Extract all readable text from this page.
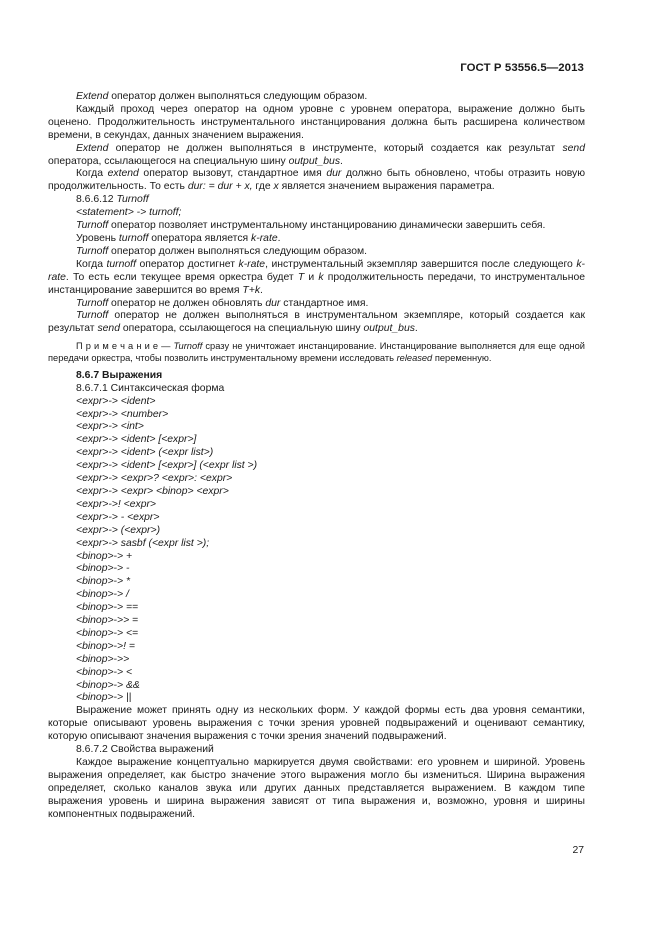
ГОСТ Р 53556.5—2013

Extend оператор должен выполняться следующим образом.

Каждый проход через оператор на одном уровне с уровнем оператора, выражение должно быть оценено. Продолжительность инструментального инстанцирования должна быть расширена количеством времени, в секундах, данных значением выражения.

Extend оператор не должен выполняться в инструменте, который создается как результат send оператора, ссылающегося на специальную шину output_bus.

Когда extend оператор вызовут, стандартное имя dur должно быть обновлено, чтобы отразить новую продолжительность. То есть dur: = dur + x, где x является значением выражения параметра.

8.6.6.12 Turnoff

<statement> -> turnoff;

Turnoff оператор позволяет инструментальному инстанцированию динамически завершить себя.

Уровень turnoff оператора является k-rate.

Turnoff оператор должен выполняться следующим образом.

Когда turnoff оператор достигнет k-rate, инструментальный экземпляр завершится после следующего k-rate. То есть если текущее время оркестра будет T и k продолжительность передачи, то инструментальное инстанцирование завершится во время T+k.

Turnoff оператор не должен обновлять dur стандартное имя.

Turnoff оператор не должен выполняться в инструментальном экземпляре, который создается как результат send оператора, ссылающегося на специальную шину output_bus.

П р и м е ч а н и е — Turnoff сразу не уничтожает инстанцирование. Инстанцирование выполняется для еще одной передачи оркестра, чтобы позволить инструментальному времени исследовать released переменную.

8.6.7 Выражения

8.6.7.1 Синтаксическая форма

<expr>-> <ident>

<expr>-> <number>

<expr>-> <int>

<expr>-> <ident> [<expr>]

<expr>-> <ident> (<expr list>)

<expr>-> <ident> [<expr>] (<expr list >)

<expr>-> <expr>? <expr>: <expr>

<expr>-> <expr> <binop> <expr>

<expr>->! <expr>

<expr>-> - <expr>

<expr>-> (<expr>)

<expr>-> sasbf (<expr list >);

<binop>-> +

<binop>-> -

<binop>-> *

<binop>-> /

<binop>-> ==

<binop>->> =

<binop>-> <=

<binop>->! =

<binop>->>

<binop>-> <

<binop>-> &&

<binop>-> ||

Выражение может принять одну из нескольких форм. У каждой формы есть два уровня семантики, которые описывают уровень выражения с точки зрения уровней подвыражений и оценивают семантику, которую описывают значения выражения с точки зрения значений подвыражений.

8.6.7.2 Свойства выражений

Каждое выражение концептуально маркируется двумя свойствами: его уровнем и шириной. Уровень выражения определяет, как быстро значение этого выражения могло бы измениться. Ширина выражения определяет, сколько каналов звука или других данных представляется выражением. В каждом типе выражения уровень и ширина выражения зависят от типа выражения и, возможно, уровня и ширины компонентных подвыражений.

27
